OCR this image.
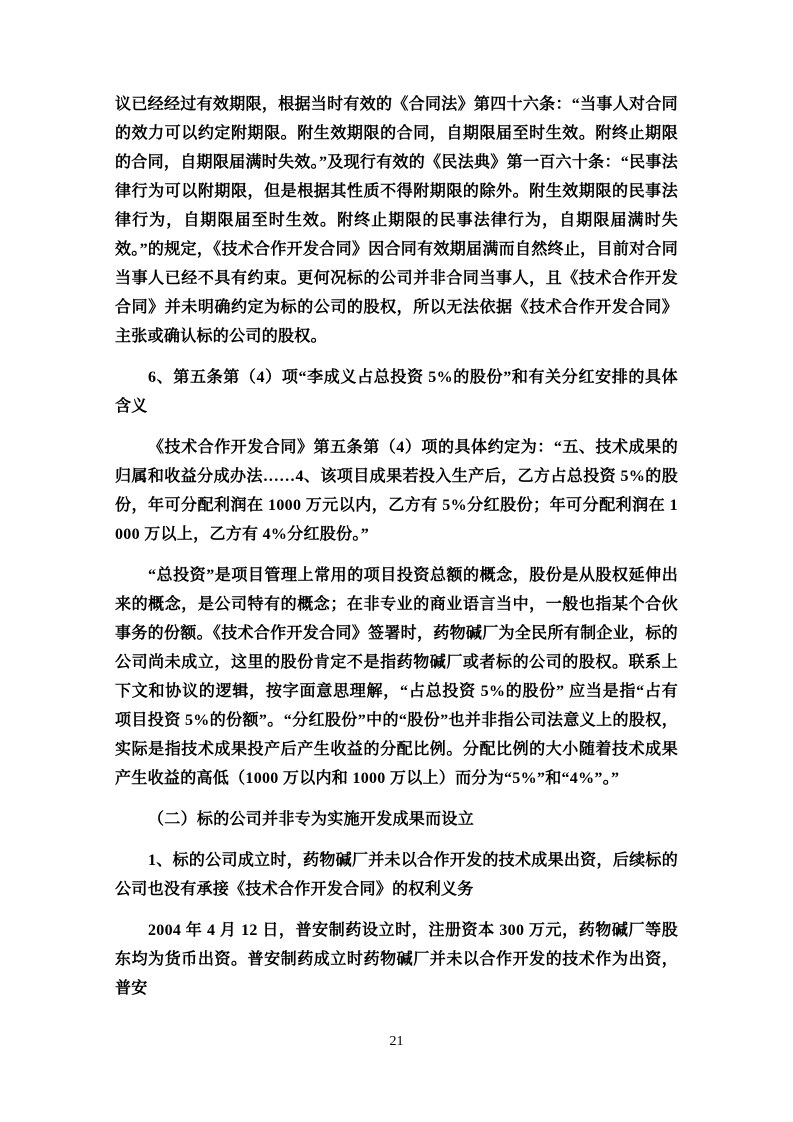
议已经经过有效期限，根据当时有效的《合同法》第四十六条：“当事人对合同的效力可以约定附期限。附生效期限的合同，自期限届至时生效。附终止期限的合同，自期限届满时失效。”及现行有效的《民法典》第一百六十条：“民事法律行为可以附期限，但是根据其性质不得附期限的除外。附生效期限的民事法律行为，自期限届至时生效。附终止期限的民事法律行为，自期限届满时失效。”的规定，《技术合作开发合同》因合同有效期届满而自然终止，目前对合同当事人已经不具有约束。更何况标的公司并非合同当事人，且《技术合作开发合同》并未明确约定为标的公司的股权，所以无法依据《技术合作开发合同》主张或确认标的公司的股权。

6、第五条第（4）项“李成义占总投资 5%的股份”和有关分红安排的具体含义

《技术合作开发合同》第五条第（4）项的具体约定为：“五、技术成果的归属和收益分成办法……4、该项目成果若投入生产后，乙方占总投资 5%的股份，年可分配利润在 1000 万元以内，乙方有 5%分红股份；年可分配利润在 1000 万以上，乙方有 4%分红股份。”

“总投资”是项目管理上常用的项目投资总额的概念，股份是从股权延伸出来的概念，是公司特有的概念；在非专业的商业语言当中，一般也指某个合伙事务的份额。《技术合作开发合同》签署时，药物碱厂为全民所有制企业，标的公司尚未成立，这里的股份肯定不是指药物碱厂或者标的公司的股权。联系上下文和协议的逻辑，按字面意思理解，“占总投资 5%的股份” 应当是指“占有项目投资 5%的份额”。“分红股份”中的“股份”也并非指公司法意义上的股权，实际是指技术成果投产后产生收益的分配比例。分配比例的大小随着技术成果产生收益的高低（1000 万以内和 1000 万以上）而分为“5%”和“4%”。”

（二）标的公司并非专为实施开发成果而设立

1、标的公司成立时，药物碱厂并未以合作开发的技术成果出资，后续标的公司也没有承接《技术合作开发合同》的权利义务

2004 年 4 月 12 日，普安制药设立时，注册资本 300 万元，药物碱厂等股东均为货币出资。普安制药成立时药物碱厂并未以合作开发的技术作为出资，普安

21
